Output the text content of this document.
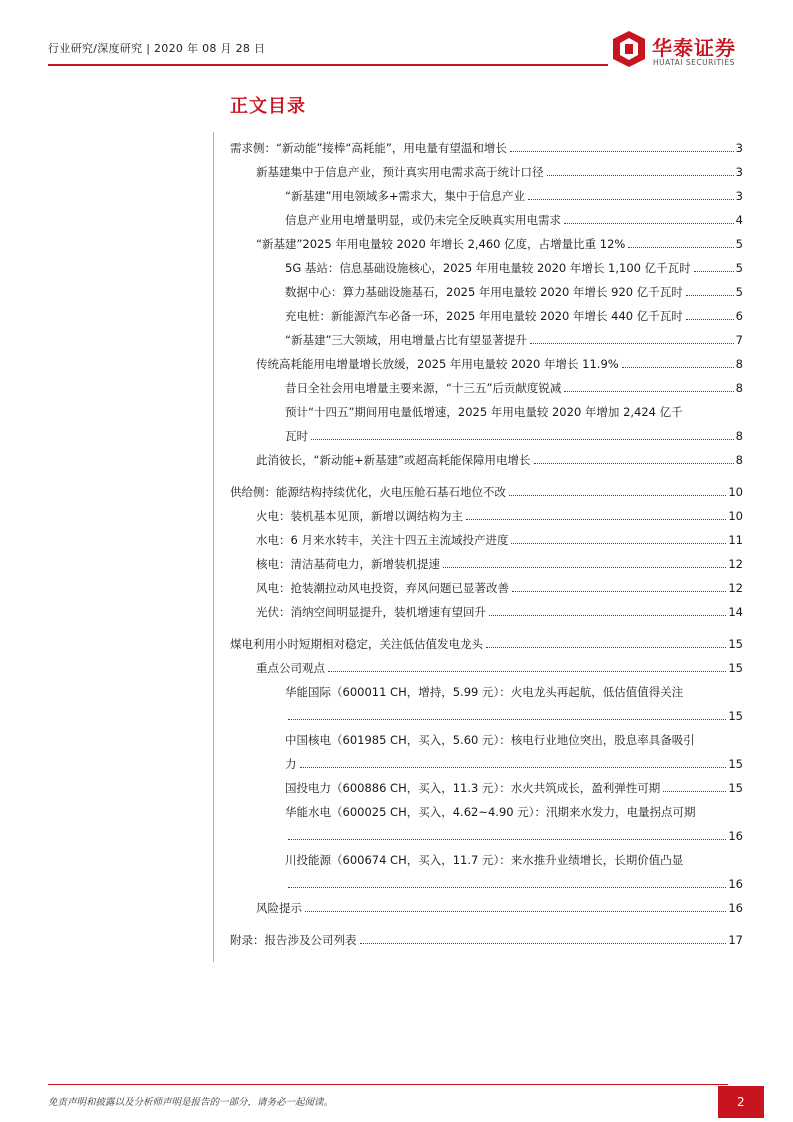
行业研究/深度研究 | 2020 年 08 月 28 日	华泰证券
HUATAI SECURITIES
正文目录
需求侧：“新动能”接棒“高耗能”，用电量有望温和增长	3
新基建集中于信息产业，预计真实用电需求高于统计口径	3
“新基建”用电领域多+需求大，集中于信息产业	3
信息产业用电增量明显，或仍未完全反映真实用电需求	4
“新基建”2025 年用电量较 2020 年增长 2,460 亿度，占增量比重 12%	5
5G 基站：信息基础设施核心，2025 年用电量较 2020 年增长 1,100 亿千瓦时	5
数据中心：算力基础设施基石，2025 年用电量较 2020 年增长 920 亿千瓦时	5
充电桩：新能源汽车必备一环，2025 年用电量较 2020 年增长 440 亿千瓦时	6
“新基建”三大领域，用电增量占比有望显著提升	7
传统高耗能用电增量增长放缓，2025 年用电量较 2020 年增长 11.9%	8
昔日全社会用电增量主要来源，“十三五”后贡献度锐减	8
预计“十四五”期间用电量低增速，2025 年用电量较 2020 年增加 2,424 亿千
瓦时	8
此消彼长，“新动能+新基建”或超高耗能保障用电增长	8
供给侧：能源结构持续优化，火电压舱石基石地位不改	10
火电：装机基本见顶，新增以调结构为主	10
水电：6 月来水转丰，关注十四五主流域投产进度	11
核电：清洁基荷电力，新增装机提速	12
风电：抢装潮拉动风电投资，弃风问题已显著改善	12
光伏：消纳空间明显提升，装机增速有望回升	14
煤电利用小时短期相对稳定，关注低估值发电龙头	15
重点公司观点	15
华能国际（600011 CH，增持，5.99 元）：火电龙头再起航，低估值值得关注
15
中国核电（601985 CH，买入，5.60 元）：核电行业地位突出，股息率具备吸引
力	15
国投电力（600886 CH，买入，11.3 元）：水火共筑成长，盈利弹性可期	15
华能水电（600025 CH，买入，4.62~4.90 元）：汛期来水发力，电量拐点可期
16
川投能源（600674 CH，买入，11.7 元）：来水推升业绩增长，长期价值凸显
16
风险提示	16
附录：报告涉及公司列表	17
免责声明和披露以及分析师声明是报告的一部分，请务必一起阅读。	2
